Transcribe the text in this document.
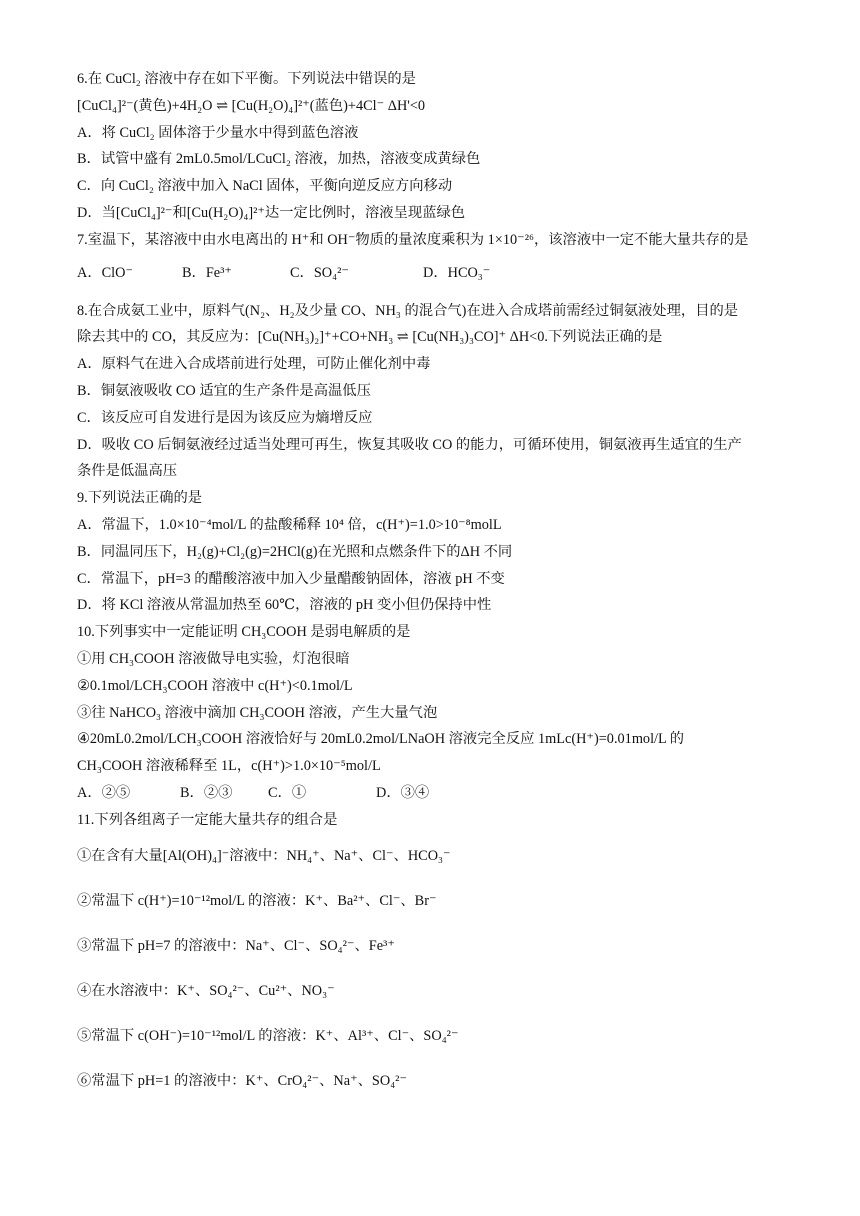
6.在 CuCl₂ 溶液中存在如下平衡。下列说法中错误的是
[CuCl₄]²⁻(黄色)+4H₂O ⇌ [Cu(H₂O)₄]²⁺(蓝色)+4Cl⁻ ΔH'<0
A．将 CuCl₂ 固体溶于少量水中得到蓝色溶液
B．试管中盛有 2mL0.5mol/LCuCl₂ 溶液，加热，溶液变成黄绿色
C．向 CuCl₂ 溶液中加入 NaCl 固体，平衡向逆反应方向移动
D．当[CuCl₄]²⁻和[Cu(H₂O)₄]²⁺达一定比例时，溶液呈现蓝绿色
7.室温下，某溶液中由水电离出的 H⁺和 OH⁻物质的量浓度乘积为 1×10⁻²⁶，该溶液中一定不能大量共存的是
A．ClO⁻	B．Fe³⁺	C．SO₄²⁻	D．HCO₃⁻
8.在合成氨工业中，原料气(N₂、H₂及少量 CO、NH₃ 的混合气)在进入合成塔前需经过铜氨液处理，目的是
除去其中的 CO，其反应为：[Cu(NH₃)₂]⁺+CO+NH₃ ⇌ [Cu(NH₃)₃CO]⁺ ΔH<0.下列说法正确的是
A．原料气在进入合成塔前进行处理，可防止催化剂中毒
B．铜氨液吸收 CO 适宜的生产条件是高温低压
C．该反应可自发进行是因为该反应为熵增反应
D．吸收 CO 后铜氨液经过适当处理可再生，恢复其吸收 CO 的能力，可循环使用，铜氨液再生适宜的生产
条件是低温高压
9.下列说法正确的是
A．常温下，1.0×10⁻⁴mol/L 的盐酸稀释 10⁴ 倍，c(H⁺)=1.0>10⁻⁸molL
B．同温同压下，H₂(g)+Cl₂(g)=2HCl(g)在光照和点燃条件下的ΔH 不同
C．常温下，pH=3 的醋酸溶液中加入少量醋酸钠固体，溶液 pH 不变
D．将 KCl 溶液从常温加热至 60℃，溶液的 pH 变小但仍保持中性
10.下列事实中一定能证明 CH₃COOH 是弱电解质的是
①用 CH₃COOH 溶液做导电实验，灯泡很暗
②0.1mol/LCH₃COOH 溶液中 c(H⁺)<0.1mol/L
③往 NaHCO₃ 溶液中滴加 CH₃COOH 溶液，产生大量气泡
④20mL0.2mol/LCH₃COOH 溶液恰好与 20mL0.2mol/LNaOH 溶液完全反应 1mLc(H⁺)=0.01mol/L 的
CH₃COOH 溶液稀释至 1L，c(H⁺)>1.0×10⁻⁵mol/L
A．②⑤	B．②③ C．①	D．③④
11.下列各组离子一定能大量共存的组合是
①在含有大量[Al(OH)₄]⁻溶液中：NH₄⁺、Na⁺、Cl⁻、HCO₃⁻
②常温下 c(H⁺)=10⁻¹²mol/L 的溶液：K⁺、Ba²⁺、Cl⁻、Br⁻
③常温下 pH=7 的溶液中：Na⁺、Cl⁻、SO₄²⁻、Fe³⁺
④在水溶液中：K⁺、SO₄²⁻、Cu²⁺、NO₃⁻
⑤常温下 c(OH⁻)=10⁻¹²mol/L 的溶液：K⁺、Al³⁺、Cl⁻、SO₄²⁻
⑥常温下 pH=1 的溶液中：K⁺、CrO₄²⁻、Na⁺、SO₄²⁻
